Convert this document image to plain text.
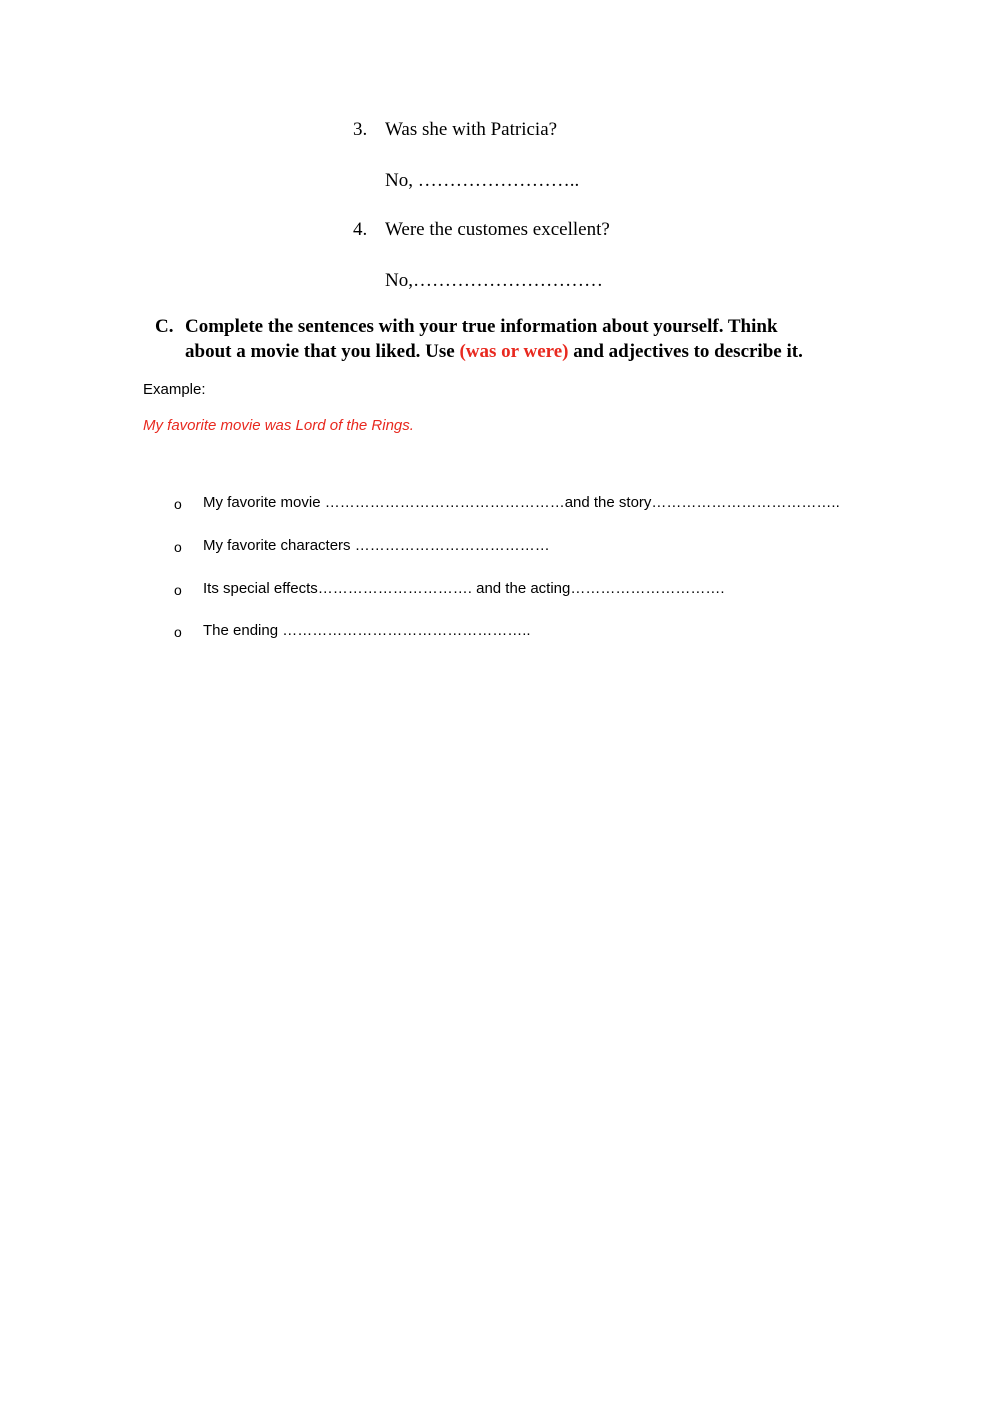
3. Was she with Patricia?
No, ……………………..
4. Were the customes excellent?
No,…………………………
C. Complete the sentences with your true information about yourself. Think
about a movie that you liked. Use (was or were) and adjectives to describe it.
Example:
My favorite movie was Lord of the Rings.
o My favorite movie …………………………………………and the story………………………………..
o My favorite characters …………………………………
o Its special effects…………………………. and the acting………………………….
o The ending …………………………………………..
